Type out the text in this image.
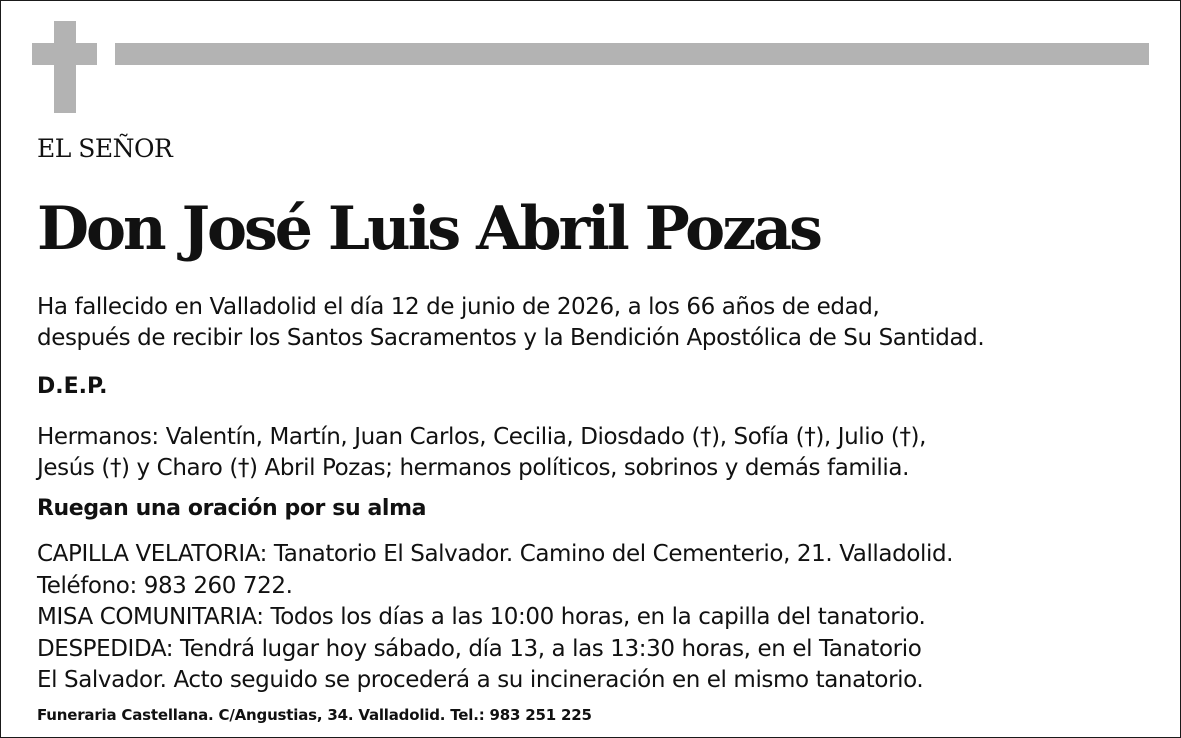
EL SEÑOR

Don José Luis Abril Pozas

Ha fallecido en Valladolid el día 12 de junio de 2026, a los 66 años de edad,
después de recibir los Santos Sacramentos y la Bendición Apostólica de Su Santidad.

D.E.P.

Hermanos: Valentín, Martín, Juan Carlos, Cecilia, Diosdado (†), Sofía (†), Julio (†),
Jesús (†) y Charo (†) Abril Pozas; hermanos políticos, sobrinos y demás familia.

Ruegan una oración por su alma

CAPILLA VELATORIA: Tanatorio El Salvador. Camino del Cementerio, 21. Valladolid.
Teléfono: 983 260 722.
MISA COMUNITARIA: Todos los días a las 10:00 horas, en la capilla del tanatorio.
DESPEDIDA: Tendrá lugar hoy sábado, día 13, a las 13:30 horas, en el Tanatorio
El Salvador. Acto seguido se procederá a su incineración en el mismo tanatorio.

Funeraria Castellana. C/Angustias, 34. Valladolid. Tel.: 983 251 225
